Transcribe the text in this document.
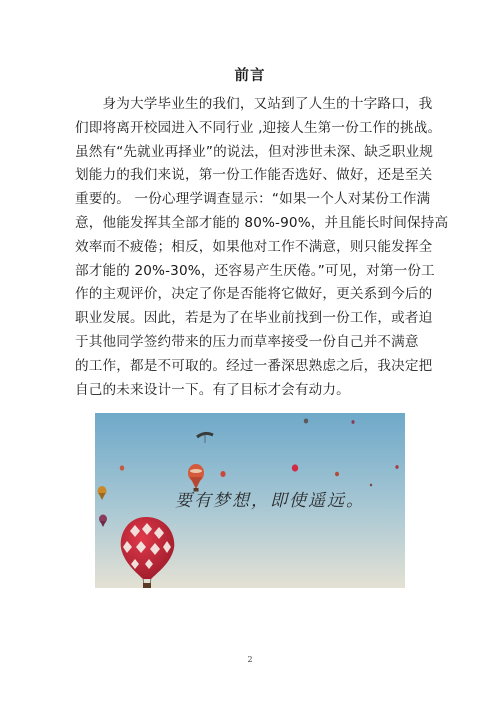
前言

　　身为大学毕业生的我们，又站到了人生的十字路口，我
们即将离开校园进入不同行业 ,迎接人生第一份工作的挑战。
虽然有“先就业再择业”的说法，但对涉世未深、缺乏职业规
划能力的我们来说，第一份工作能否选好、做好，还是至关
重要的。 一份心理学调查显示：“如果一个人对某份工作满
意，他能发挥其全部才能的 80%-90%，并且能长时间保持高
效率而不疲倦；相反，如果他对工作不满意，则只能发挥全
部才能的 20%-30%，还容易产生厌倦。”可见，对第一份工
作的主观评价，决定了你是否能将它做好，更关系到今后的
职业发展。因此，若是为了在毕业前找到一份工作，或者迫
于其他同学签约带来的压力而草率接受一份自己并不满意
的工作，都是不可取的。经过一番深思熟虑之后，我决定把
自己的未来设计一下。有了目标才会有动力。

要有梦想，即使遥远。
2
